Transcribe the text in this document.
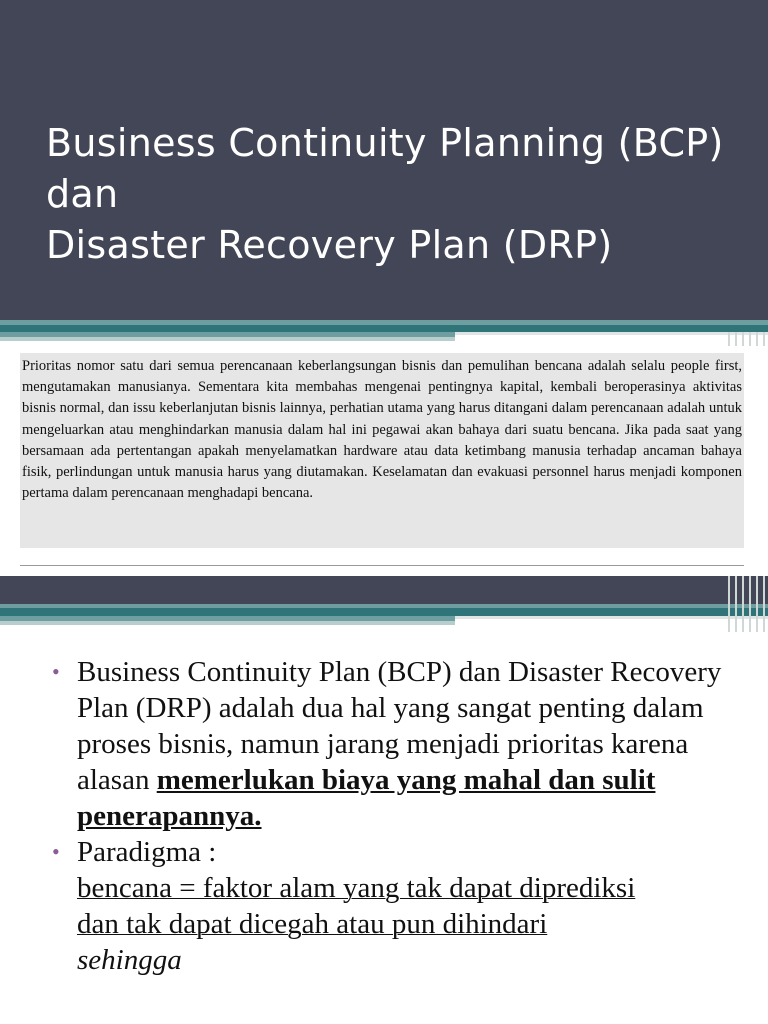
Business Continuity Planning (BCP)
dan
Disaster Recovery Plan (DRP)

Prioritas nomor satu dari semua perencanaan keberlangsungan bisnis dan pemulihan bencana adalah selalu people first, mengutamakan manusianya. Sementara kita membahas mengenai pentingnya kapital, kembali beroperasinya aktivitas bisnis normal, dan issu keberlanjutan bisnis lainnya, perhatian utama yang harus ditangani dalam perencanaan adalah untuk mengeluarkan atau menghindarkan manusia dalam hal ini pegawai akan bahaya dari suatu bencana. Jika pada saat yang bersamaan ada pertentangan apakah menyelamatkan hardware atau data ketimbang manusia terhadap ancaman bahaya fisik, perlindungan untuk manusia harus yang diutamakan. Keselamatan dan evakuasi personnel harus menjadi komponen pertama dalam perencanaan menghadapi bencana.

• Business Continuity Plan (BCP) dan Disaster Recovery Plan (DRP) adalah dua hal yang sangat penting dalam proses bisnis, namun jarang menjadi prioritas karena alasan memerlukan biaya yang mahal dan sulit penerapannya.
• Paradigma :
bencana = faktor alam yang tak dapat diprediksi
dan tak dapat dicegah atau pun dihindari
sehingga
